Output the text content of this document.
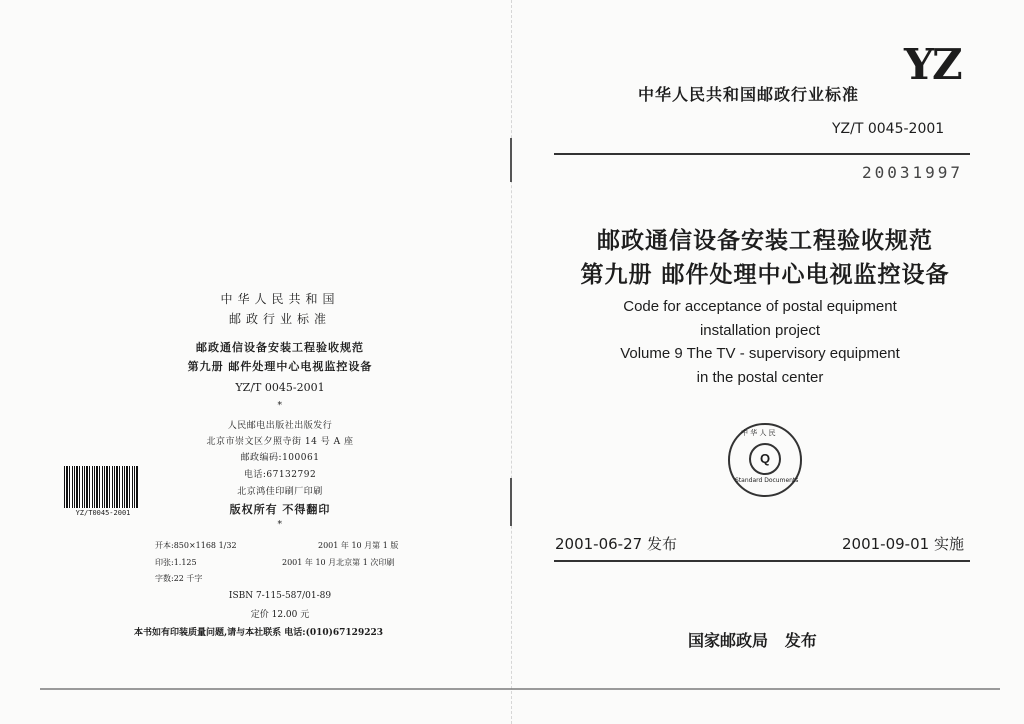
中华人民共和国
邮政行业标准
邮政通信设备安装工程验收规范
第九册 邮件处理中心电视监控设备
YZ/T 0045-2001
*
人民邮电出版社出版发行
北京市崇文区夕照寺街 14 号 A 座
邮政编码:100061
电话:67132792
北京鸿佳印刷厂印刷
版权所有 不得翻印
*
YZ/T0045-2001
开本:850×1168 1/32	2001 年 10 月第 1 版
印张:1.125	2001 年 10 月北京第 1 次印刷
字数:22 千字
ISBN 7-115-587/01-89
定价 12.00 元
本书如有印装质量问题,请与本社联系 电话:(010)67129223
YZ
中华人民共和国邮政行业标准
YZ/T 0045-2001
20031997
邮政通信设备安装工程验收规范
第九册 邮件处理中心电视监控设备
Code for acceptance of postal equipment
installation project
Volume 9 The TV - supervisory equipment
in the postal center
Q
中 华 人 民
Standard Documents
2001-06-27 发布	2001-09-01 实施
国家邮政局   发布
